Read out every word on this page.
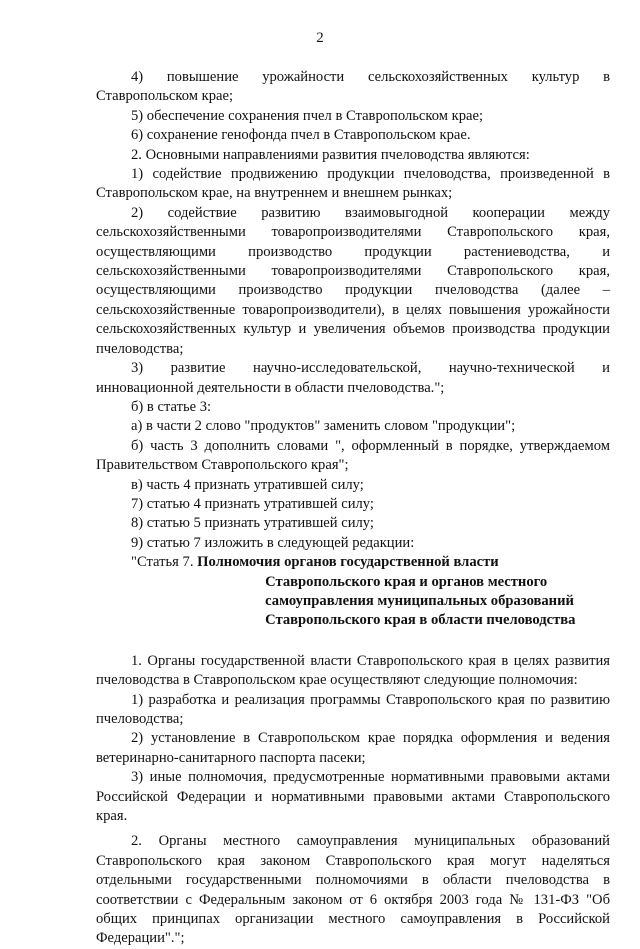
2

4) повышение урожайности сельскохозяйственных культур в Ставропольском крае;

5) обеспечение сохранения пчел в Ставропольском крае;

6) сохранение генофонда пчел в Ставропольском крае.

2. Основными направлениями развития пчеловодства являются:

1) содействие продвижению продукции пчеловодства, произведенной в Ставропольском крае, на внутреннем и внешнем рынках;

2) содействие развитию взаимовыгодной кооперации между сельскохозяйственными товаропроизводителями Ставропольского края, осуществляющими производство продукции растениеводства, и сельскохозяйственными товаропроизводителями Ставропольского края, осуществляющими производство продукции пчеловодства (далее – сельскохозяйственные товаропроизводители), в целях повышения урожайности сельскохозяйственных культур и увеличения объемов производства продукции пчеловодства;

3) развитие научно-исследовательской, научно-технической и инновационной деятельности в области пчеловодства.";

б) в статье 3:

а) в части 2 слово "продуктов" заменить словом "продукции";

б) часть 3 дополнить словами ", оформленный в порядке, утверждаемом Правительством Ставропольского края";

в) часть 4 признать утратившей силу;

7) статью 4 признать утратившей силу;

8) статью 5 признать утратившей силу;

9) статью 7 изложить в следующей редакции:

"Статья 7. Полномочия органов государственной власти
Ставропольского края и органов местного
самоуправления муниципальных образований
Ставропольского края в области пчеловодства

1. Органы государственной власти Ставропольского края в целях развития пчеловодства в Ставропольском крае осуществляют следующие полномочия:

1) разработка и реализация программы Ставропольского края по развитию пчеловодства;

2) установление в Ставропольском крае порядка оформления и ведения ветеринарно-санитарного паспорта пасеки;

3) иные полномочия, предусмотренные нормативными правовыми актами Российской Федерации и нормативными правовыми актами Ставропольского края.

2. Органы местного самоуправления муниципальных образований Ставропольского края законом Ставропольского края могут наделяться отдельными государственными полномочиями в области пчеловодства в соответствии с Федеральным законом от 6 октября 2003 года № 131-ФЗ "Об общих принципах организации местного самоуправления в Российской Федерации".";
